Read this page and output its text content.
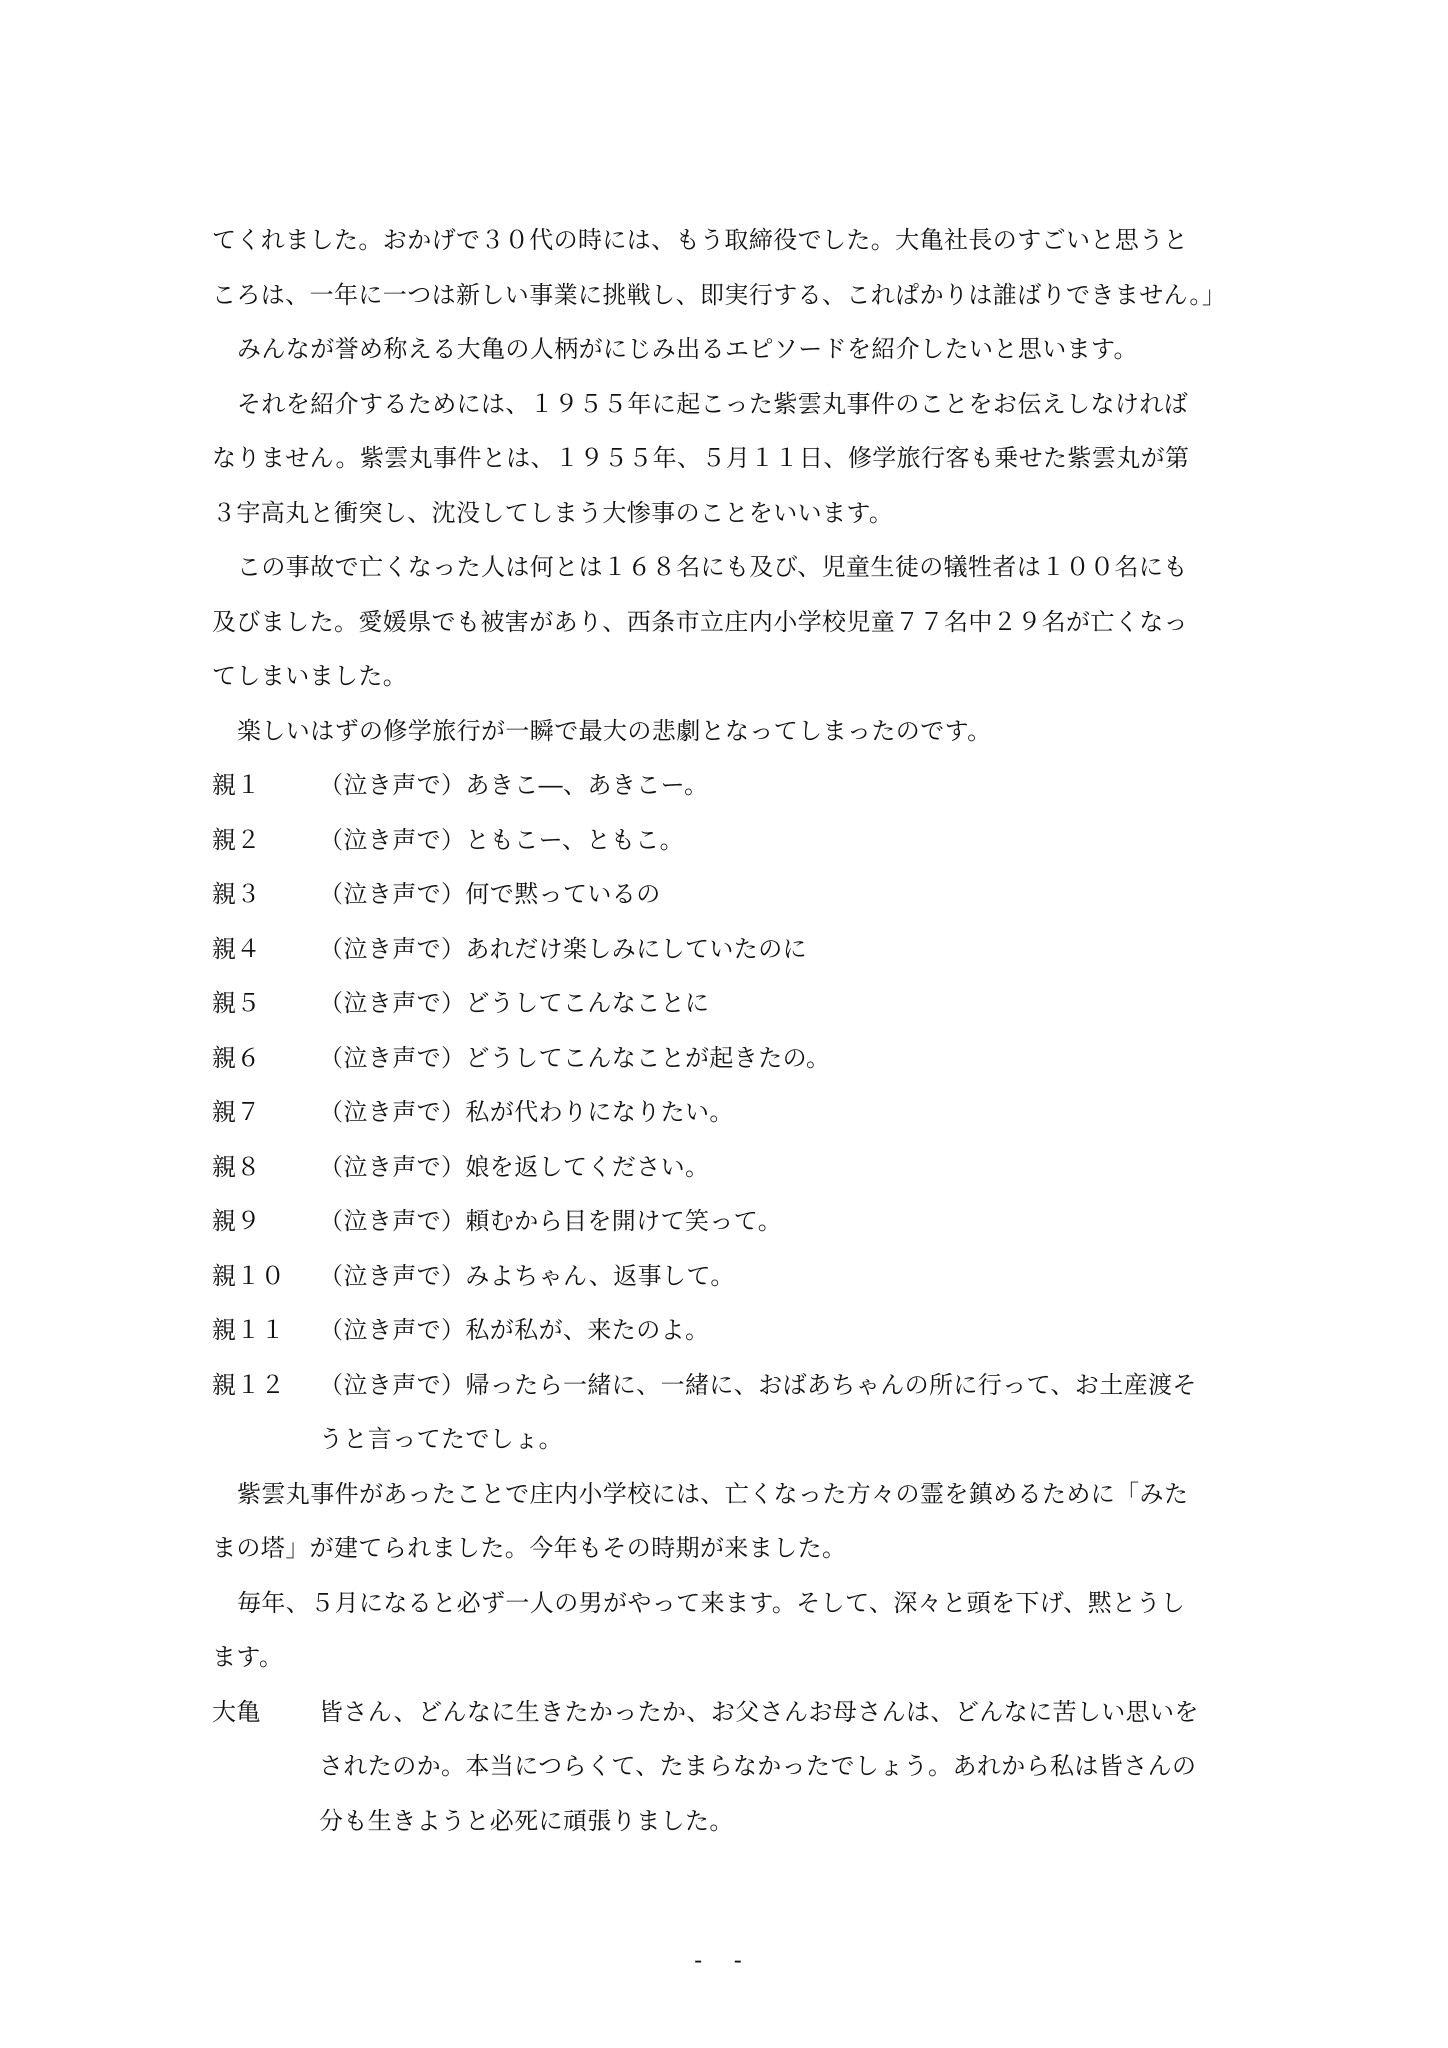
てくれました。おかげで３０代の時には、もう取締役でした。大亀社長のすごいと思うと
ころは、一年に一つは新しい事業に挑戦し、即実行する、これぱかりは誰ばりできません。」
みんなが誉め称える大亀の人柄がにじみ出るエピソードを紹介したいと思います。
それを紹介するためには、１９５５年に起こった紫雲丸事件のことをお伝えしなければ
なりません。紫雲丸事件とは、１９５５年、５月１１日、修学旅行客も乗せた紫雲丸が第
３宇高丸と衝突し、沈没してしまう大惨事のことをいいます。
この事故で亡くなった人は何とは１６８名にも及び、児童生徒の犠牲者は１００名にも
及びました。愛媛県でも被害があり、西条市立庄内小学校児童７７名中２９名が亡くなっ
てしまいました。
楽しいはずの修学旅行が一瞬で最大の悲劇となってしまったのです。
親１	（泣き声で）あきこ―、あきこー。
親２	（泣き声で）ともこー、ともこ。
親３	（泣き声で）何で黙っているの
親４	（泣き声で）あれだけ楽しみにしていたのに
親５	（泣き声で）どうしてこんなことに
親６	（泣き声で）どうしてこんなことが起きたの。
親７	（泣き声で）私が代わりになりたい。
親８	（泣き声で）娘を返してください。
親９	（泣き声で）頼むから目を開けて笑って。
親１０	（泣き声で）みよちゃん、返事して。
親１１	（泣き声で）私が私が、来たのよ。
親１２	（泣き声で）帰ったら一緒に、一緒に、おばあちゃんの所に行って、お土産渡そ
うと言ってたでしょ。
紫雲丸事件があったことで庄内小学校には、亡くなった方々の霊を鎮めるために「みた
まの塔」が建てられました。今年もその時期が来ました。
毎年、５月になると必ず一人の男がやって来ます。そして、深々と頭を下げ、黙とうし
ます。
大亀	皆さん、どんなに生きたかったか、お父さんお母さんは、どんなに苦しい思いを
されたのか。本当につらくて、たまらなかったでしょう。あれから私は皆さんの
分も生きようと必死に頑張りました。
- -
